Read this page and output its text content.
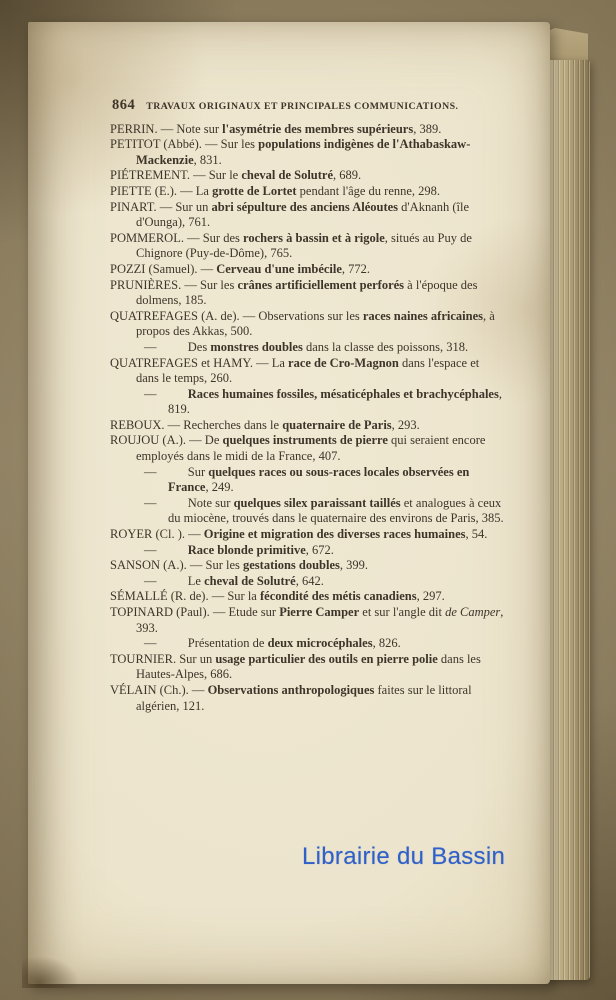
864 TRAVAUX ORIGINAUX ET PRINCIPALES COMMUNICATIONS.

PERRIN. — Note sur l'asymétrie des membres supérieurs, 389.

PETITOT (Abbé). — Sur les populations indigènes de l'Athabaskaw-Mackenzie, 831.

PIÉTREMENT. — Sur le cheval de Solutré, 689.

PIETTE (E.). — La grotte de Lortet pendant l'âge du renne, 298.

PINART. — Sur un abri sépulture des anciens Aléoutes d'Aknanh (île d'Ounga), 761.

POMMEROL. — Sur des rochers à bassin et à rigole, situés au Puy de Chignore (Puy-de-Dôme), 765.

POZZI (Samuel). — Cerveau d'une imbécile, 772.

PRUNIÈRES. — Sur les crânes artificiellement perforés à l'époque des dolmens, 185.

QUATREFAGES (A. de). — Observations sur les races naines africaines, à propos des Akkas, 500.

—   Des monstres doubles dans la classe des poissons, 318.

QUATREFAGES et HAMY. — La race de Cro-Magnon dans l'espace et dans le temps, 260.

—   Races humaines fossiles, mésaticéphales et brachycéphales, 819.

REBOUX. — Recherches dans le quaternaire de Paris, 293.

ROUJOU (A.). — De quelques instruments de pierre qui seraient encore employés dans le midi de la France, 407.

—   Sur quelques races ou sous-races locales observées en France, 249.

—   Note sur quelques silex paraissant taillés et analogues à ceux du miocène, trouvés dans le quaternaire des environs de Paris, 385.

ROYER (Cl. ). — Origine et migration des diverses races humaines, 54.

—   Race blonde primitive, 672.

SANSON (A.). — Sur les gestations doubles, 399.

—   Le cheval de Solutré, 642.

SÉMALLÉ (R. de). — Sur la fécondité des métis canadiens, 297.

TOPINARD (Paul). — Etude sur Pierre Camper et sur l'angle dit de Camper, 393.

—   Présentation de deux microcéphales, 826.

TOURNIER. Sur un usage particulier des outils en pierre polie dans les Hautes-Alpes, 686.

VÉLAIN (Ch.). — Observations anthropologiques faites sur le littoral algérien, 121.

Librairie du Bassin
